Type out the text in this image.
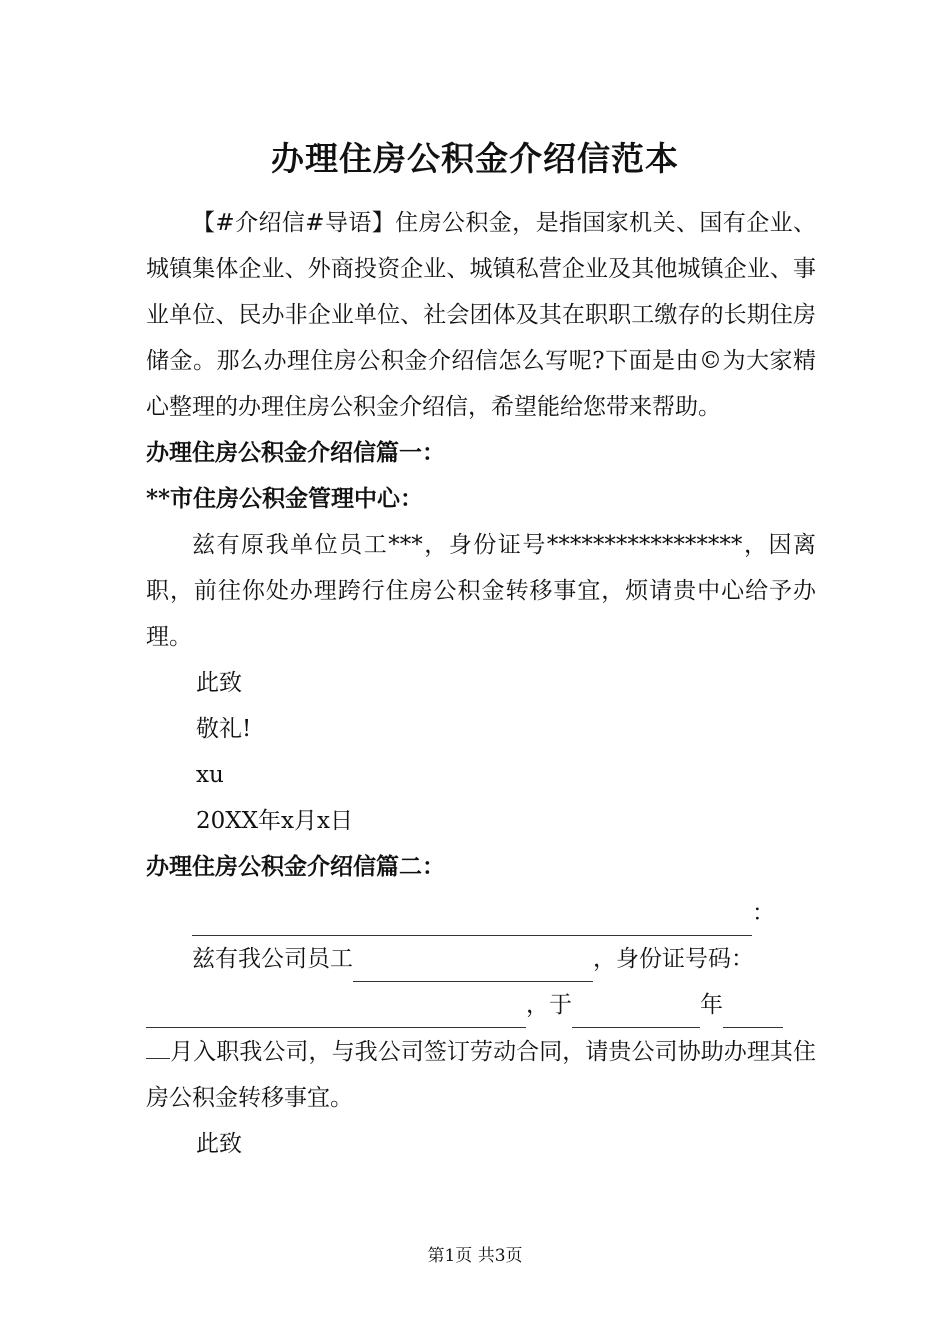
办理住房公积金介绍信范本

【#介绍信#导语】住房公积金，是指国家机关、国有企业、城镇集体企业、外商投资企业、城镇私营企业及其他城镇企业、事业单位、民办非企业单位、社会团体及其在职职工缴存的长期住房储金。那么办理住房公积金介绍信怎么写呢?下面是由©为大家精心整理的办理住房公积金介绍信，希望能给您带来帮助。

办理住房公积金介绍信篇一：

**市住房公积金管理中心：

兹有原我单位员工***，身份证号*****************，因离职，前往你处办理跨行住房公积金转移事宜，烦请贵中心给予办理。

此致

敬礼!

xu

20XX年x月x日

办理住房公积金介绍信篇二：

：
兹有我公司员工	，身份证号码：
，于	年

月入职我公司，与我公司签订劳动合同，请贵公司协助办理其住房公积金转移事宜。

此致

第1页 共3页
